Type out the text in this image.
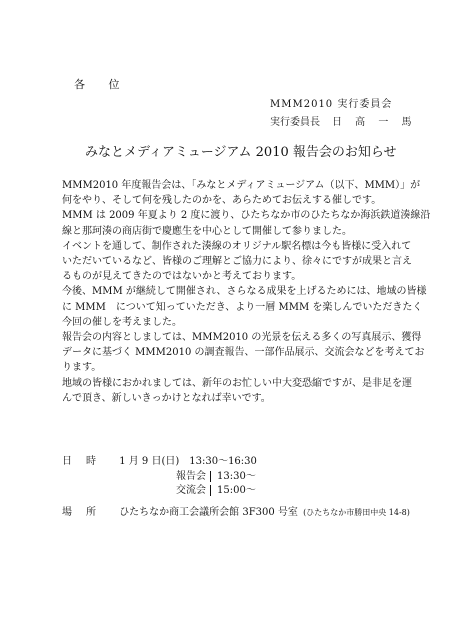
各 位
MMM2010 実行委員会
実行委員長 日 高 一 馬
みなとメディアミュージアム 2010 報告会のお知らせ

MMM2010 年度報告会は、「みなとメディアミュージアム（以下、MMM）」が

何をやり、そして何を残したのかを、あらためてお伝えする催しです。

MMM は 2009 年夏より 2 度に渡り、ひたちなか市のひたちなか海浜鉄道湊線沿

線と那珂湊の商店街で慶應生を中心として開催して参りました。

イベントを通して、制作された湊線のオリジナル駅名標は今も皆様に受入れて

いただいているなど、皆様のご理解とご協力により、徐々にですが成果と言え

るものが見えてきたのではないかと考えております。

今後、MMM が継続して開催され、さらなる成果を上げるためには、地域の皆様

に MMM　について知っていただき、より一層 MMM を楽しんでいただきたく

今回の催しを考えました。

報告会の内容としましては、MMM2010 の光景を伝える多くの写真展示、獲得

データに基づく MMM2010 の調査報告、一部作品展示、交流会などを考えてお

ります。

地域の皆様におかれましては、新年のお忙しい中大変恐縮ですが、是非足を運

んで頂き、新しいきっかけとなれば幸いです。

日時 1 月 9 日(日)　13:30～16:30
報告会 13:30～
交流会 15:00～
場所 ひたちなか商工会議所会館 3F300 号室 (ひたちなか市勝田中央 14-8)
